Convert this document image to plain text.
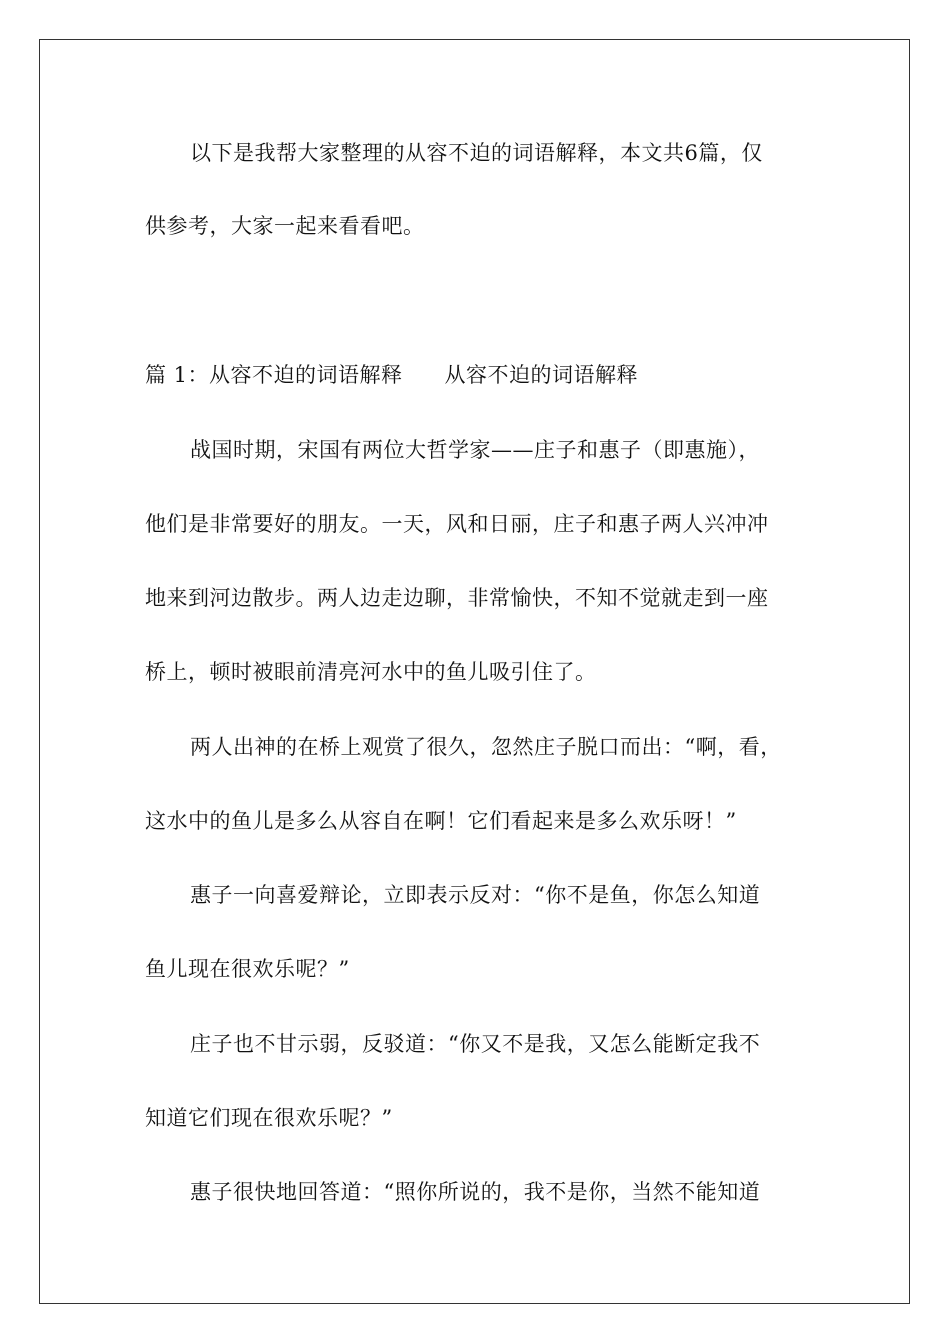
以下是我帮大家整理的从容不迫的词语解释，本文共6篇，仅
供参考，大家一起来看看吧。
篇 1：从容不迫的词语解释 从容不迫的词语解释
战国时期，宋国有两位大哲学家——庄子和惠子（即惠施），
他们是非常要好的朋友。一天，风和日丽，庄子和惠子两人兴冲冲
地来到河边散步。两人边走边聊，非常愉快，不知不觉就走到一座
桥上，顿时被眼前清亮河水中的鱼儿吸引住了。
两人出神的在桥上观赏了很久，忽然庄子脱口而出：“啊，看，
这水中的鱼儿是多么从容自在啊！它们看起来是多么欢乐呀！”
惠子一向喜爱辩论，立即表示反对：“你不是鱼，你怎么知道
鱼儿现在很欢乐呢？”
庄子也不甘示弱，反驳道：“你又不是我，又怎么能断定我不
知道它们现在很欢乐呢？”
惠子很快地回答道：“照你所说的，我不是你，当然不能知道
